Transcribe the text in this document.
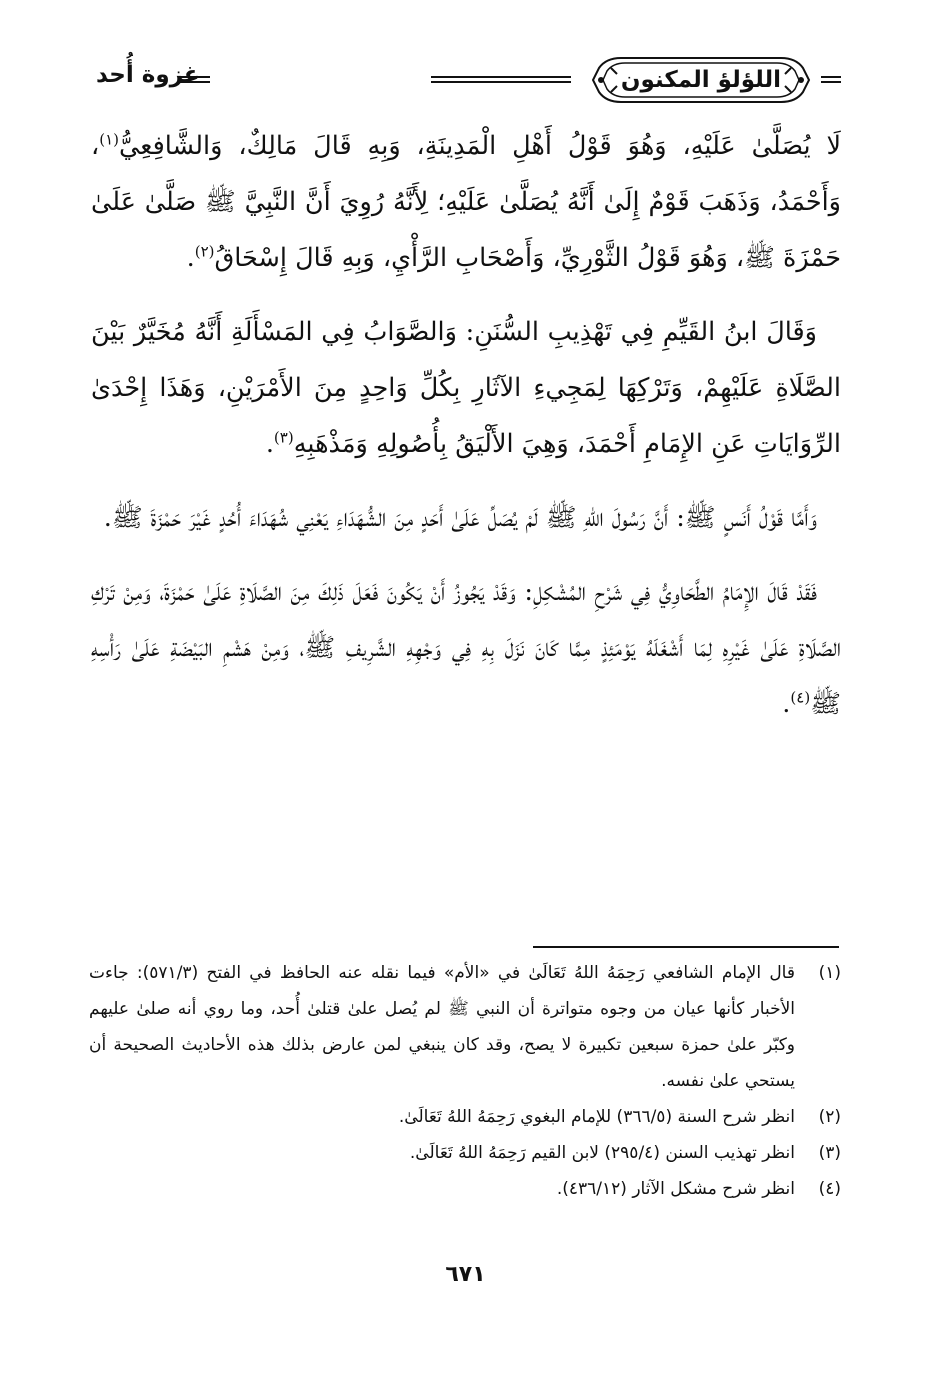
اللؤلؤ المكنون
غزوة أُحد

لَا يُصَلَّىٰ عَلَيْهِ، وَهُوَ قَوْلُ أَهْلِ الْمَدِينَةِ، وَبِهِ قَالَ مَالِكٌ، وَالشَّافِعِيُّ$^{(١)}$، وَأَحْمَدُ، وَذَهَبَ قَوْمٌ إِلَىٰ أَنَّهُ يُصَلَّىٰ عَلَيْهِ؛ لِأَنَّهُ رُوِيَ أَنَّ النَّبِيَّ ﷺ صَلَّىٰ عَلَىٰ حَمْزَةَ ﷺ، وَهُوَ قَوْلُ الثَّوْرِيِّ، وَأَصْحَابِ الرَّأْيِ، وَبِهِ قَالَ إِسْحَاقُ$^{(٢)}$.

وَقَالَ ابنُ القَيِّمِ فِي تَهْذِيبِ السُّنَنِ: وَالصَّوَابُ فِي المَسْأَلَةِ أَنَّهُ مُخَيَّرٌ بَيْنَ الصَّلَاةِ عَلَيْهِمْ، وَتَرْكِهَا لِمَجِيءِ الآثَارِ بِكُلِّ وَاحِدٍ مِنَ الأَمْرَيْنِ، وَهَذَا إِحْدَىٰ الرِّوَايَاتِ عَنِ الإِمَامِ أَحْمَدَ، وَهِيَ الأَلْيَقُ بِأُصُولِهِ وَمَذْهَبِهِ$^{(٣)}$.

وَأَمَّا قَوْلُ أَنَسٍ ﷺ: أَنَّ رَسُولَ اللهِ ﷺ لَمْ يُصَلِّ عَلَىٰ أَحَدٍ مِنَ الشُّهَدَاءِ يَعْنِي شُهَدَاءَ أُحُدٍ غَيْرَ حَمْزَةَ ﷺ.

فَقَدْ قَالَ الإِمَامُ الطَّحَاوِيُّ فِي شَرْحِ المُشْكِلِ: وَقَدْ يَجُوزُ أَنْ يَكُونَ فَعَلَ ذَلِكَ مِنَ الصَّلَاةِ عَلَىٰ حَمْزَةَ، وَمِنْ تَرْكِ الصَّلَاةِ عَلَىٰ غَيْرِهِ لِمَا أَشْغَلَهُ يَوْمَئِذٍ مِمَّا كَانَ نَزَلَ بِهِ فِي وَجْهِهِ الشَّرِيفِ ﷺ، وَمِنْ هَشْمِ البَيْضَةِ عَلَىٰ رَأْسِهِ ﷺ$^{(٤)}$.

(١)
قال الإمام الشافعي رَحِمَهُ اللهُ تَعَالَىٰ في «الأم» فيما نقله عنه الحافظ في الفتح (٥٧١/٣): جاءت الأخبار كأنها عيان من وجوه متواترة أن النبي ﷺ لم يُصل علىٰ قتلىٰ أُحد، وما روي أنه صلىٰ عليهم وكبّر علىٰ حمزة سبعين تكبيرة لا يصح، وقد كان ينبغي لمن عارض بذلك هذه الأحاديث الصحيحة أن يستحي علىٰ نفسه.
(٢)
انظر شرح السنة (٣٦٦/٥) للإمام البغوي رَحِمَهُ اللهُ تَعَالَىٰ.
(٣)
انظر تهذيب السنن (٢٩٥/٤) لابن القيم رَحِمَهُ اللهُ تَعَالَىٰ.
(٤)
انظر شرح مشكل الآثار (٤٣٦/١٢).
٦٧١
